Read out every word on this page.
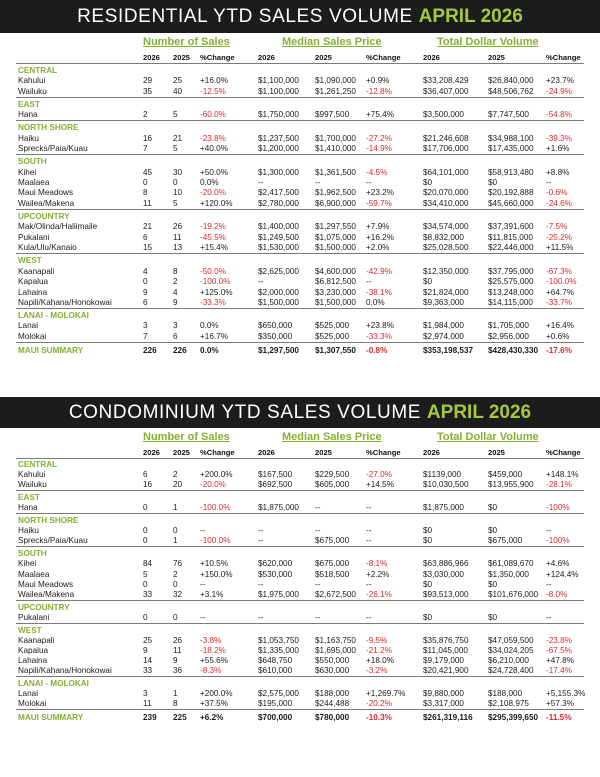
RESIDENTIAL YTD SALES VOLUME APRIL 2026
Number of Sales	Median Sales Price	Total Dollar Volume
2026 2025 %Change	2026	2025	%Change	2026	2025	%Change
CENTRAL
Kahului	29	25 +16.0%	$1,100,000 $1,090,000 +0.9%	$33,208,429 $26,840,000 +23.7%
Wailuku	35	40 -12.5%	$1,100,000 $1,261,250 -12.8%	$36,407,000 $48,506,762 -24.9%
EAST
Hana	2	5	-60.0%	$1,750,000 $997,500 +75.4%	$3,500,000	$7,747,500 -54.8%
NORTH SHORE
Haiku	16	21 -23.8%	$1,237,500 $1,700,000 -27.2%	$21,246,608 $34,988,100 -39.3%
Sprecks/Paia/Kuau	7	5	+40.0%	$1,200,000 $1,410,000 -14.9%	$17,706,000 $17,435,000 +1.6%
SOUTH
Kihei	45	30 +50.0%	$1,300,000 $1,361,500 -4.5%	$64,101,000 $58,913,480 +8.8%
Maalaea	0	0	0.0%	--	--	--	$0	$0	--
Maui Meadows	8	10 -20.0%	$2,417,500 $1,962,500 +23.2%	$20,070,000 $20,192,888 -0.6%
Wailea/Makena	11	5	+120.0%	$2,780,000 $6,900,000 -59.7%	$34,410,000 $45,660,000 -24.6%
UPCOUNTRY
Mak/Olinda/Haliimaile	21	26 -19.2%	$1,400,000 $1,297,550 +7.9%	$34,574,000 $37,391,600 -7.5%
Pukalani	6	11 -45.5%	$1,249,500 $1,075,000 +16.2%	$8,832,000	$11,815,000 -25.2%
Kula/Ulu/Kanaio	15	13 +15.4%	$1,530,000 $1,500,000 +2.0%	$25,028,500 $22,446,000 +11.5%
WEST
Kaanapali	4	8	-50.0%	$2,625,000 $4,600,000 -42.9%	$12,350,000 $37,795,000 -67.3%
Kapalua	0	2	-100.0%	--	$6,812,500 --	$0	$25,575,000 -100.0%
Lahaina	9	4	+125.0%	$2,000,000 $3,230,000 -38.1%	$21,824,000 $13,248,000 +64.7%
Napili/Kahana/Honokowai	6	9	-33.3%	$1,500,000 $1,500,000 0.0%	$9,363,000	$14,115,000 -33.7%
LANAI - MOLOKAI
Lanai	3	3	0.0%	$650,000	$525,000 +23.8%	$1,984,000	$1,705,000 +16.4%
Molokai	7	6	+16.7%	$350,000	$525,000 -33.3%	$2,974,000	$2,956,000 +0.6%
MAUI SUMMARY	226 226 0.0%	$1,297,500 $1,307,550 -0.8%	$353,198,537 $428,430,330 -17.6%
CONDOMINIUM YTD SALES VOLUME APRIL 2026
Number of Sales	Median Sales Price	Total Dollar Volume
2026 2025 %Change	2026	2025	%Change	2026	2025	%Change
CENTRAL
Kahului	6	2	+200.0%	$167,500	$229,500 -27.0%	$1139,000	$459,000	+148.1%
Wailuku	16	20 -20.0%	$692,500	$605,000 +14.5%	$10,030,500 $13,955,900 -28.1%
EAST
Hana	0	1	-100.0%	$1,875,000 --	--	$1,875,000	$0	-100%
NORTH SHORE
Haiku	0	0	--	--	--	--	$0	$0	--
Sprecks/Paia/Kuau	0	1	-100.0%	--	$675,000 --	$0	$675,000	-100%
SOUTH
Kihei	84	76 +10.5%	$620,000	$675,000 -8.1%	$63,886,966 $61,089,670 +4.6%
Maalaea	5	2	+150.0%	$530,000	$518,500 +2.2%	$3,030,000	$1,350,000 +124.4%
Maui Meadows	0	0	--	--	--	--	$0	$0	--
Wailea/Makena	33	32 +3.1%	$1,975,000 $2,672,500 -26.1%	$93,513,000 $101,676,000 -8.0%
UPCOUNTRY
Pukalani	0	0	--	--	--	--	$0	$0	--
WEST
Kaanapali	25	26 -3.8%	$1,053,750 $1,163,750 -9.5%	$35,876,750 $47,059,500 -23.8%
Kapalua	9	11 -18.2%	$1,335,000 $1,695,000 -21.2%	$11,045,000 $34,024,205 -67.5%
Lahaina	14	9	+55.6%	$648,750	$550,000 +18.0%	$9,179,000	$6,210,000 +47.8%
Napili/Kahana/Honokowai	33	36 -8.3%	$610,000	$630,000 -3.2%	$20,421,900 $24,728,400 -17.4%
LANAI - MOLOKAI
Lanai	3	1	+200.0%	$2,575,000 $188,000 +1,269.7% $9,880,000	$188,000	+5,155.3%
Molokai	11	8	+37.5%	$195,000	$244,488 -20.2%	$3,317,000	$2,108,975 +57.3%
MAUI SUMMARY	239 225 +6.2%	$700,000	$780,000 -10.3%	$261,319,116 $295,399,650 -11.5%
